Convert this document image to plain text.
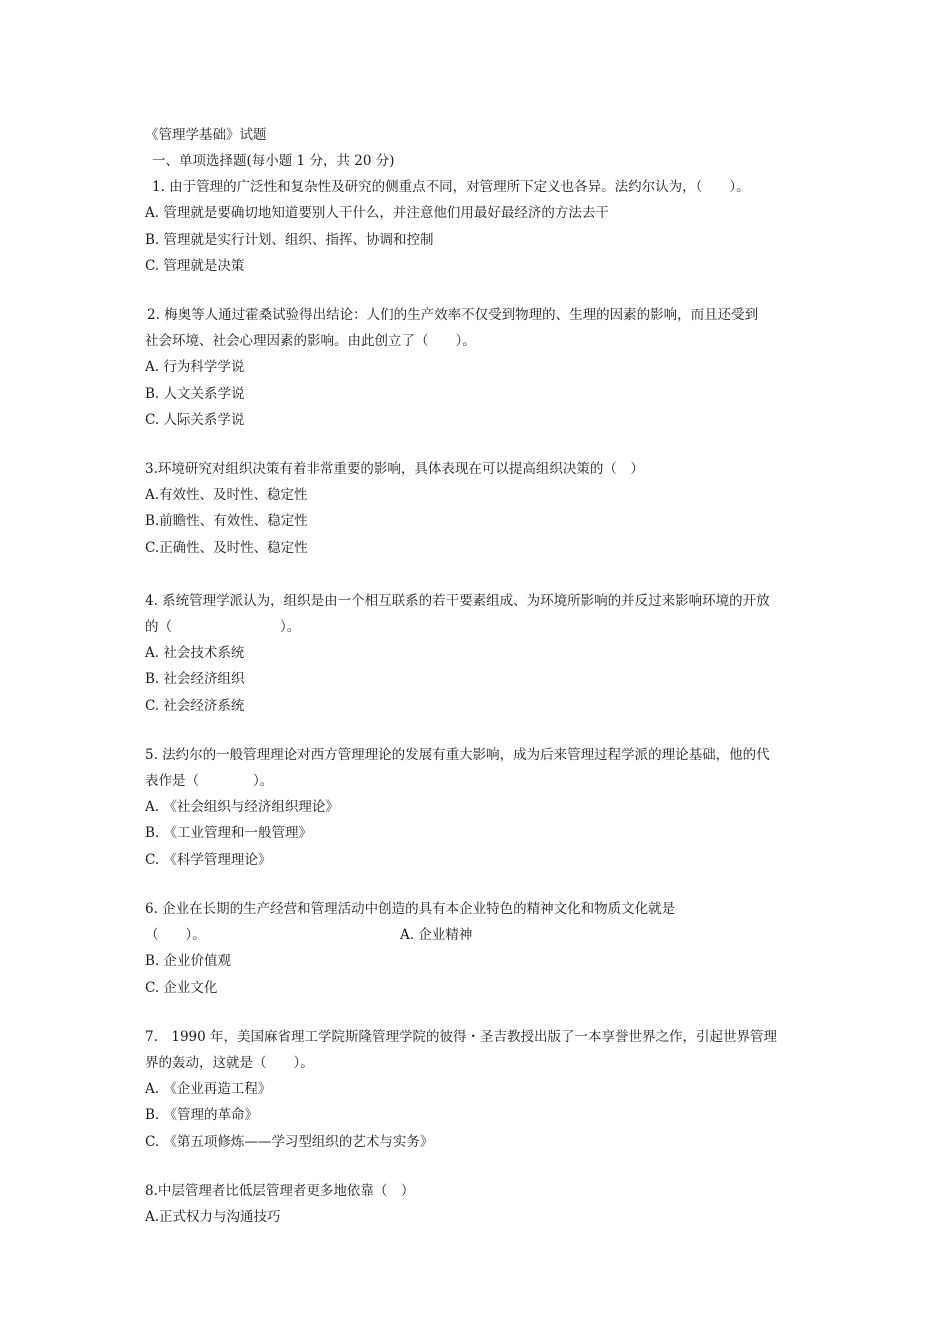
《管理学基础》试题
一、单项选择题(每小题 1 分，共 20 分)
1. 由于管理的广泛性和复杂性及研究的侧重点不同，对管理所下定义也各异。法约尔认为，（　　）。
A. 管理就是要确切地知道要别人干什么，并注意他们用最好最经济的方法去干
B. 管理就是实行计划、组织、指挥、协调和控制
C. 管理就是决策
2. 梅奥等人通过霍桑试验得出结论：人们的生产效率不仅受到物理的、生理的因素的影响，而且还受到
社会环境、社会心理因素的影响。由此创立了（　　）。
A. 行为科学学说
B. 人文关系学说
C. 人际关系学说
3.环境研究对组织决策有着非常重要的影响，具体表现在可以提高组织决策的（　）
A.有效性、及时性、稳定性
B.前瞻性、有效性、稳定性
C.正确性、及时性、稳定性
4. 系统管理学派认为，组织是由一个相互联系的若干要素组成、为环境所影响的并反过来影响环境的开放
的（　　　　　　　　）。
A. 社会技术系统
B. 社会经济组织
C. 社会经济系统
5. 法约尔的一般管理理论对西方管理理论的发展有重大影响，成为后来管理过程学派的理论基础，他的代
表作是（　　　　）。
A. 《社会组织与经济组织理论》
B. 《工业管理和一般管理》
C. 《科学管理理论》
6. 企业在长期的生产经营和管理活动中创造的具有本企业特色的精神文化和物质文化就是
（　　）。	A. 企业精神
B. 企业价值观
C. 企业文化
7.　1990 年，美国麻省理工学院斯隆管理学院的彼得・圣吉教授出版了一本享誉世界之作，引起世界管理
界的轰动，这就是（　　）。
A. 《企业再造工程》
B. 《管理的革命》
C. 《第五项修炼——学习型组织的艺术与实务》
8.中层管理者比低层管理者更多地依靠（　）
A.正式权力与沟通技巧
